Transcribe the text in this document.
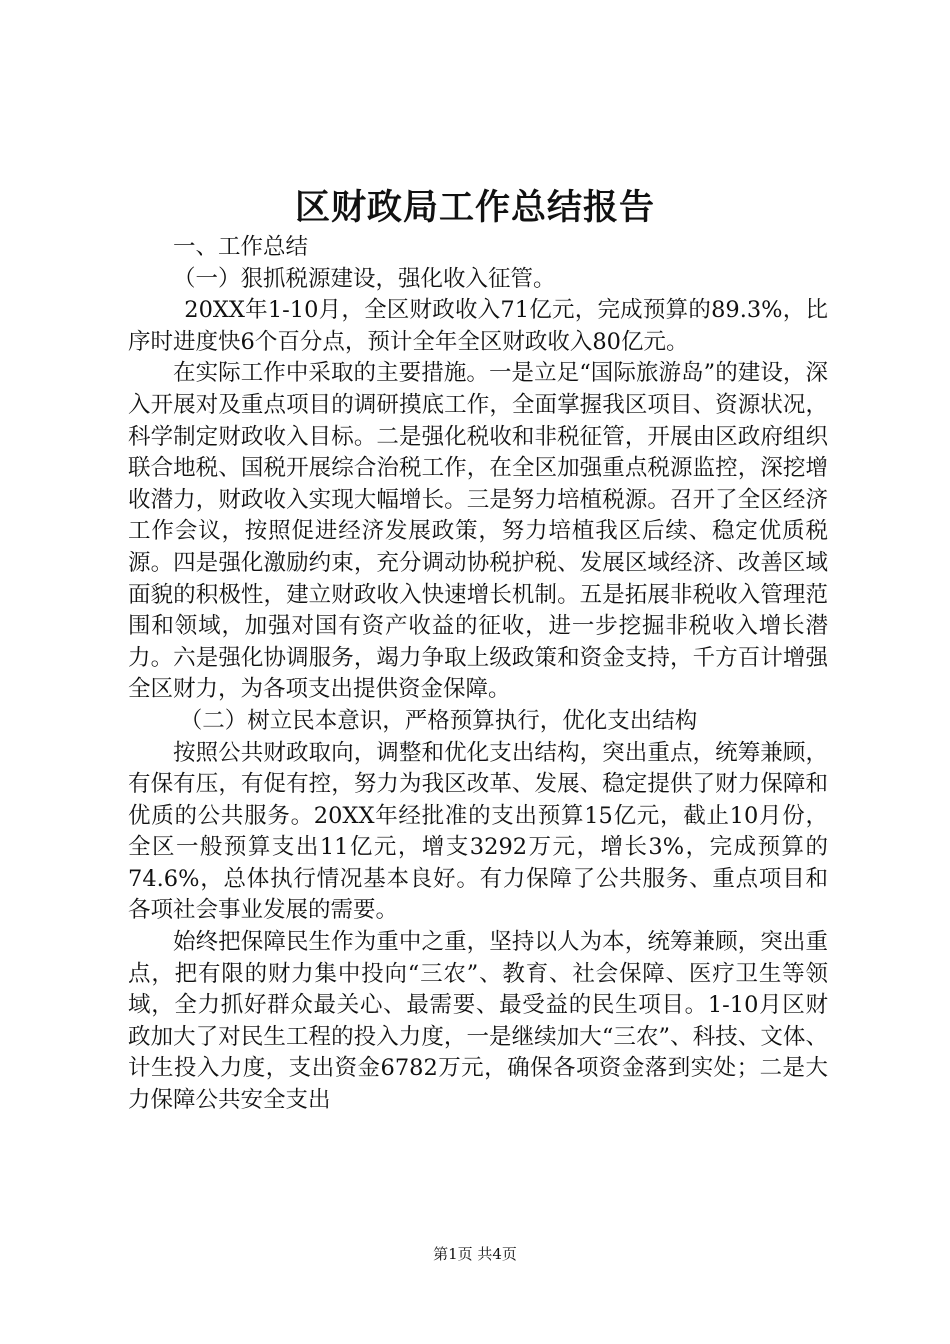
区财政局工作总结报告

一、工作总结

（一）狠抓税源建设，强化收入征管。

20XX年1-10月，全区财政收入71亿元，完成预算的89.3%，比序时进度快6个百分点，预计全年全区财政收入80亿元。

在实际工作中采取的主要措施。一是立足“国际旅游岛”的建设，深入开展对及重点项目的调研摸底工作，全面掌握我区项目、资源状况，科学制定财政收入目标。二是强化税收和非税征管，开展由区政府组织联合地税、国税开展综合治税工作，在全区加强重点税源监控，深挖增收潜力，财政收入实现大幅增长。三是努力培植税源。召开了全区经济工作会议，按照促进经济发展政策，努力培植我区后续、稳定优质税源。四是强化激励约束，充分调动协税护税、发展区域经济、改善区域面貌的积极性，建立财政收入快速增长机制。五是拓展非税收入管理范围和领域，加强对国有资产收益的征收，进一步挖掘非税收入增长潜力。六是强化协调服务，竭力争取上级政策和资金支持，千方百计增强全区财力，为各项支出提供资金保障。

（二）树立民本意识，严格预算执行，优化支出结构

按照公共财政取向，调整和优化支出结构，突出重点，统筹兼顾，有保有压，有促有控，努力为我区改革、发展、稳定提供了财力保障和优质的公共服务。20XX年经批准的支出预算15亿元，截止10月份，全区一般预算支出11亿元，增支3292万元，增长3%，完成预算的74.6%，总体执行情况基本良好。有力保障了公共服务、重点项目和各项社会事业发展的需要。

始终把保障民生作为重中之重，坚持以人为本，统筹兼顾，突出重点，把有限的财力集中投向“三农”、教育、社会保障、医疗卫生等领域，全力抓好群众最关心、最需要、最受益的民生项目。1-10月区财政加大了对民生工程的投入力度，一是继续加大“三农”、科技、文体、计生投入力度，支出资金6782万元，确保各项资金落到实处；二是大力保障公共安全支出

第1页 共4页
